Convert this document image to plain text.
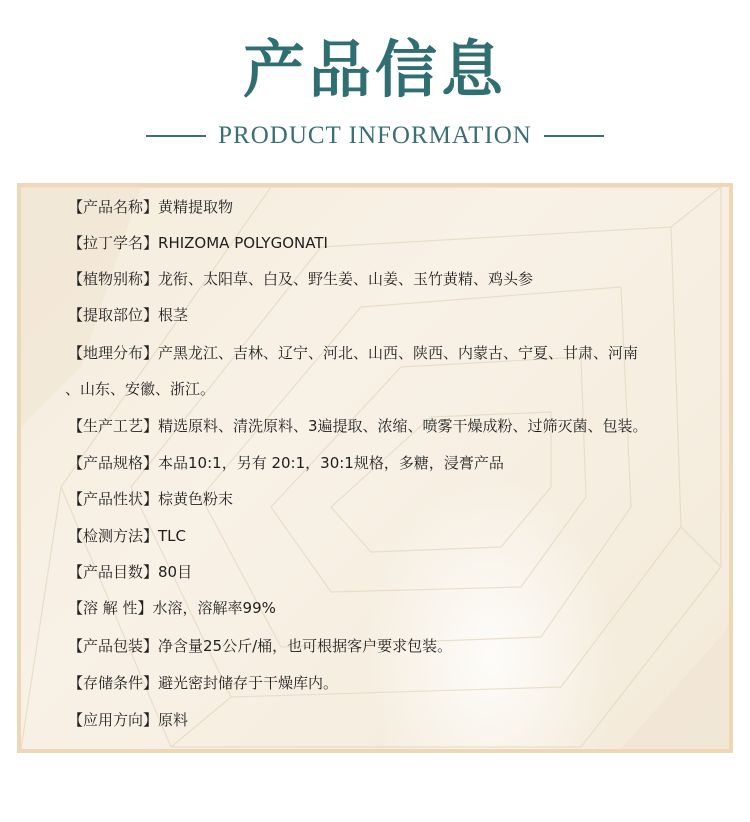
产品信息
PRODUCT INFORMATION
【产品名称】黄精提取物
【拉丁学名】RHIZOMA POLYGONATI
【植物别称】龙衔、太阳草、白及、野生姜、山姜、玉竹黄精、鸡头参
【提取部位】根茎
【地理分布】产黑龙江、吉林、辽宁、河北、山西、陕西、内蒙古、宁夏、甘肃、河南
、山东、安徽、浙江。
【生产工艺】精选原料、清洗原料、3遍提取、浓缩、喷雾干燥成粉、过筛灭菌、包装。
【产品规格】本品10:1，另有 20:1，30:1规格，多糖，浸膏产品
【产品性状】棕黄色粉末
【检测方法】TLC
【产品目数】80目
【溶 解 性】水溶，溶解率99%
【产品包装】净含量25公斤/桶，也可根据客户要求包装。
【存储条件】避光密封储存于干燥库内。
【应用方向】原料
